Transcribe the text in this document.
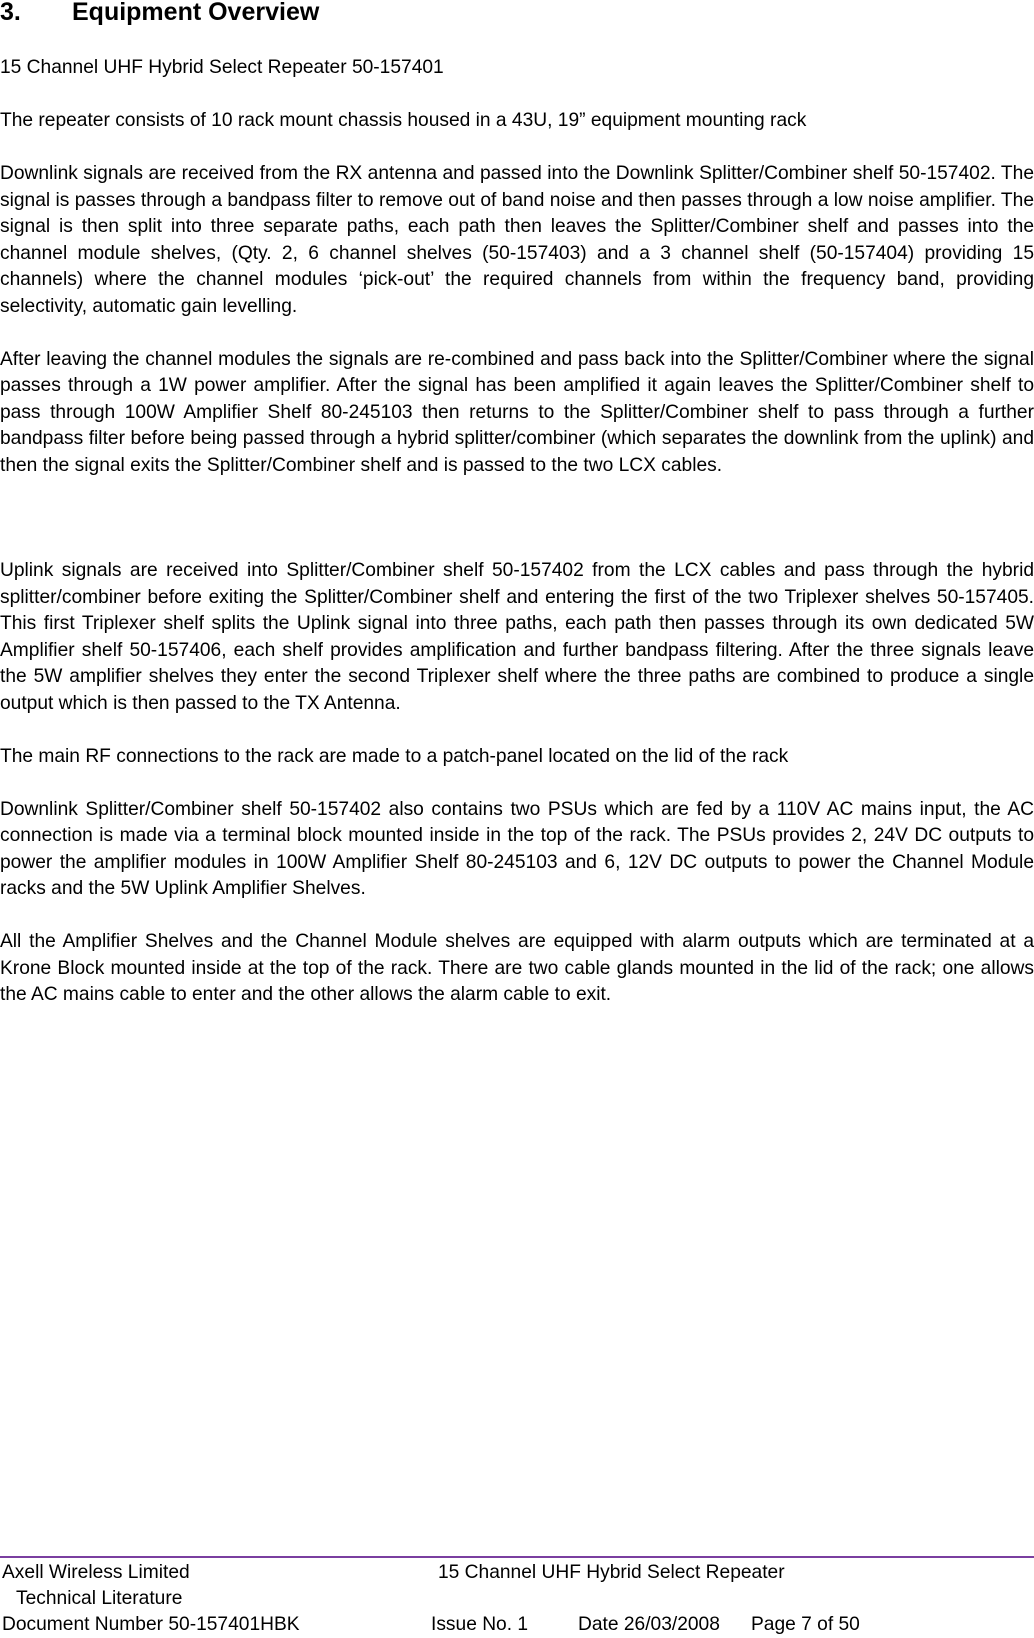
3. Equipment Overview

15 Channel UHF Hybrid Select Repeater 50-157401

The repeater consists of 10 rack mount chassis housed in a 43U, 19” equipment mounting rack

Downlink signals are received from the RX antenna and passed into the Downlink Splitter/Combiner shelf 50-157402. The signal is passes through a bandpass filter to remove out of band noise and then passes through a low noise amplifier. The signal is then split into three separate paths, each path then leaves the Splitter/Combiner shelf and passes into the channel module shelves, (Qty. 2, 6 channel shelves (50-157403) and a 3 channel shelf (50-157404) providing 15 channels) where the channel modules ‘pick-out’ the required channels from within the frequency band, providing selectivity, automatic gain levelling.

After leaving the channel modules the signals are re-combined and pass back into the Splitter/Combiner where the signal passes through a 1W power amplifier. After the signal has been amplified it again leaves the Splitter/Combiner shelf to pass through 100W Amplifier Shelf 80-245103 then returns to the Splitter/Combiner shelf to pass through a further bandpass filter before being passed through a hybrid splitter/combiner (which separates the downlink from the uplink) and then the signal exits the Splitter/Combiner shelf and is passed to the two LCX cables.

Uplink signals are received into Splitter/Combiner shelf 50-157402 from the LCX cables and pass through the hybrid splitter/combiner before exiting the Splitter/Combiner shelf and entering the first of the two Triplexer shelves 50-157405. This first Triplexer shelf splits the Uplink signal into three paths, each path then passes through its own dedicated 5W Amplifier shelf 50-157406, each shelf provides amplification and further bandpass filtering. After the three signals leave the 5W amplifier shelves they enter the second Triplexer shelf where the three paths are combined to produce a single output which is then passed to the TX Antenna.

The main RF connections to the rack are made to a patch-panel located on the lid of the rack

Downlink Splitter/Combiner shelf 50-157402 also contains two PSUs which are fed by a 110V AC mains input, the AC connection is made via a terminal block mounted inside in the top of the rack. The PSUs provides 2, 24V DC outputs to power the amplifier modules in 100W Amplifier Shelf 80-245103 and 6, 12V DC outputs to power the Channel Module racks and the 5W Uplink Amplifier Shelves.

All the Amplifier Shelves and the Channel Module shelves are equipped with alarm outputs which are terminated at a Krone Block mounted inside at the top of the rack. There are two cable glands mounted in the lid of the rack; one allows the AC mains cable to enter and the other allows the alarm cable to exit.

Axell Wireless Limited	15 Channel UHF Hybrid Select Repeater
Technical Literature
Document Number 50-157401HBK	Issue No. 1	Date 26/03/2008 Page 7 of 50
